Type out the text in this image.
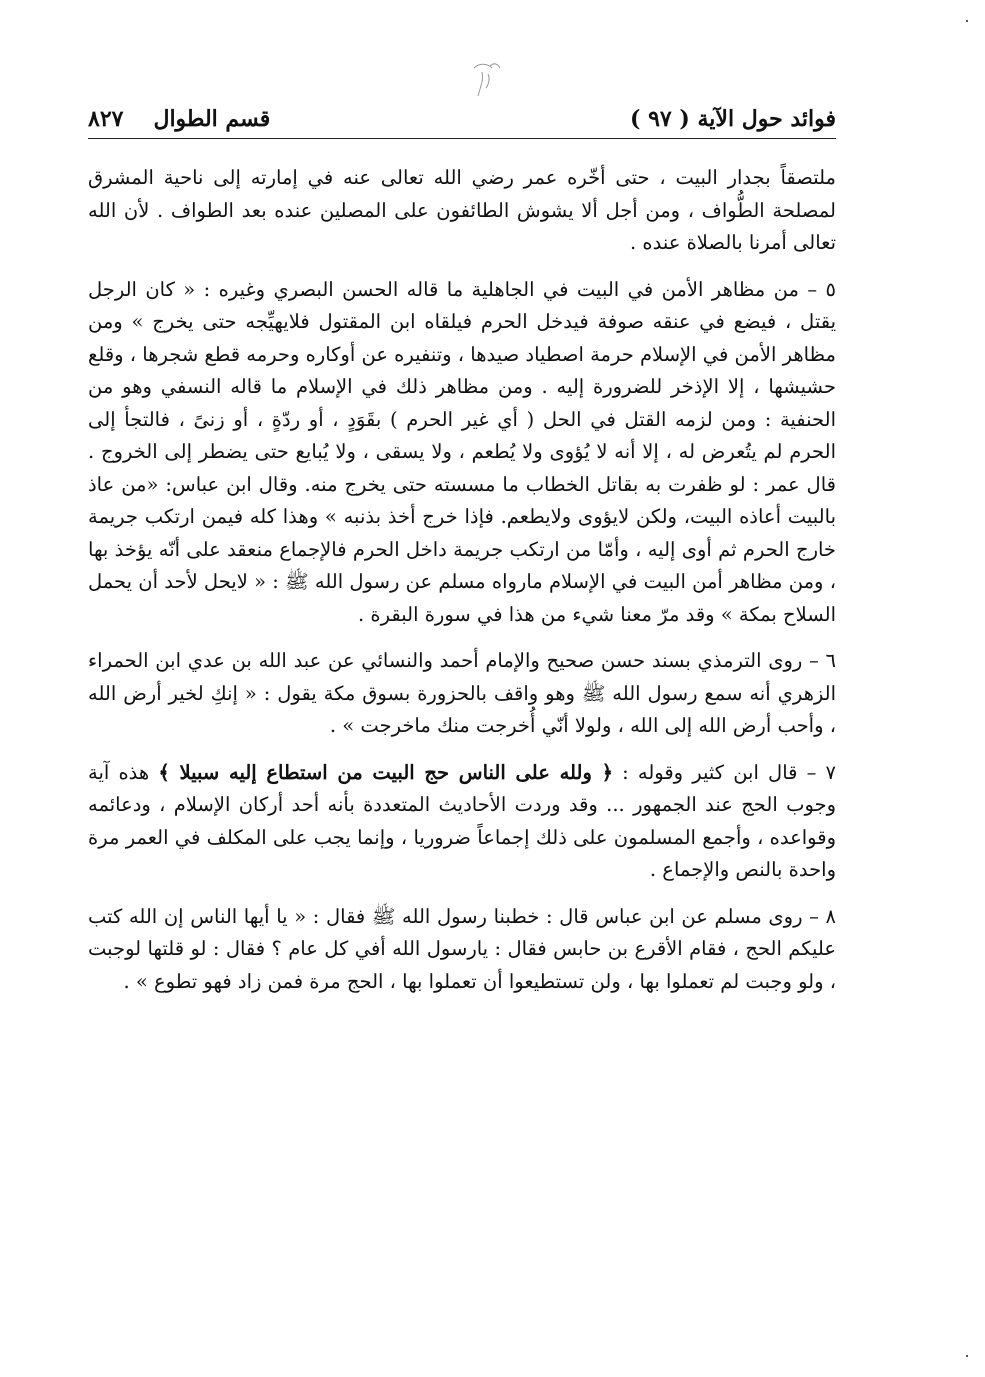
فوائد حول الآية ( ٩٧ )
قسم الطوال
٨٢٧

ملتصقاً بجدار البيت ، حتى أخّره عمر رضي الله تعالى عنه في إمارته إلى ناحية المشرق لمصلحة الطُّواف ، ومن أجل ألا يشوش الطائفون على المصلين عنده بعد الطواف . لأن الله تعالى أمرنا بالصلاة عنده .

٥ – من مظاهر الأمن في البيت في الجاهلية ما قاله الحسن البصري وغيره : « كان الرجل يقتل ، فيضع في عنقه صوفة فيدخل الحرم فيلقاه ابن المقتول فلايهيِّجه حتى يخرج » ومن مظاهر الأمن في الإسلام حرمة اصطياد صيدها ، وتنفيره عن أوكاره وحرمه قطع شجرها ، وقلع حشيشها ، إلا الإذخر للضرورة إليه . ومن مظاهر ذلك في الإسلام ما قاله النسفي وهو من الحنفية : ومن لزمه القتل في الحل ( أي غير الحرم ) بقَوَدٍ ، أو ردّةٍ ، أو زنىً ، فالتجأ إلى الحرم لم يتُعرض له ، إلا أنه لا يُؤوى ولا يُطعم ، ولا يسقى ، ولا يُبايع حتى يضطر إلى الخروج . قال عمر : لو ظفرت به بقاتل الخطاب ما مسسته حتى يخرج منه. وقال ابن عباس: «من عاذ بالبيت أعاذه البيت، ولكن لايؤوى ولايطعم. فإذا خرج أخذ بذنبه » وهذا كله فيمن ارتكب جريمة خارج الحرم ثم أوى إليه ، وأمّا من ارتكب جريمة داخل الحرم فالإجماع منعقد على أنّه يؤخذ بها ، ومن مظاهر أمن البيت في الإسلام مارواه مسلم عن رسول الله ﷺ : « لايحل لأحد أن يحمل السلاح بمكة » وقد مرّ معنا شيء من هذا في سورة البقرة .

٦ – روى الترمذي بسند حسن صحيح والإمام أحمد والنسائي عن عبد الله بن عدي ابن الحمراء الزهري أنه سمع رسول الله ﷺ وهو واقف بالحزورة بسوق مكة يقول : « إنكِ لخير أرض الله ، وأحب أرض الله إلى الله ، ولولا أنّي أُخرجت منك ماخرجت » .

٧ – قال ابن كثير وقوله : ﴿ ولله على الناس حج البيت من استطاع إليه سبيلا ﴾ هذه آية وجوب الحج عند الجمهور ... وقد وردت الأحاديث المتعددة بأنه أحد أركان الإسلام ، ودعائمه وقواعده ، وأجمع المسلمون على ذلك إجماعاً ضروريا ، وإنما يجب على المكلف في العمر مرة واحدة بالنص والإجماع .

٨ – روى مسلم عن ابن عباس قال : خطبنا رسول الله ﷺ فقال : « يا أيها الناس إن الله كتب عليكم الحج ، فقام الأقرع بن حابس فقال : يارسول الله أفي كل عام ؟ فقال : لو قلتها لوجبت ، ولو وجبت لم تعملوا بها ، ولن تستطيعوا أن تعملوا بها ، الحج مرة فمن زاد فهو تطوع » .
